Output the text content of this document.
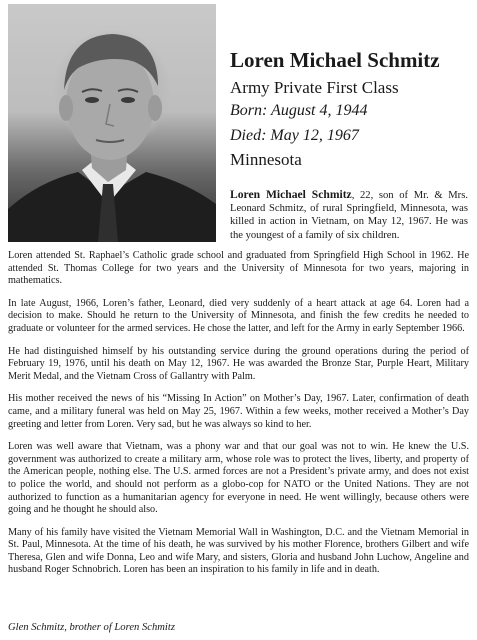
Loren Michael Schmitz
Army Private First Class
Born: August 4, 1944
Died: May 12, 1967
Minnesota

Loren Michael Schmitz, 22, son of Mr. & Mrs. Leonard Schmitz, of rural Springfield, Minnesota, was killed in action in Vietnam, on May 12, 1967. He was the youngest of a family of six children.

Loren attended St. Raphael’s Catholic grade school and graduated from Springfield High School in 1962. He attended St. Thomas College for two years and the University of Minnesota for two years, majoring in mathematics.

In late August, 1966, Loren’s father, Leonard, died very suddenly of a heart attack at age 64. Loren had a decision to make. Should he return to the University of Minnesota, and finish the few credits he needed to graduate or volunteer for the armed services. He chose the latter, and left for the Army in early September 1966.

He had distinguished himself by his outstanding service during the ground operations during the period of February 19, 1976, until his death on May 12, 1967. He was awarded the Bronze Star, Purple Heart, Military Merit Medal, and the Vietnam Cross of Gallantry with Palm.

His mother received the news of his “Missing In Action” on Mother’s Day, 1967. Later, confirmation of death came, and a military funeral was held on May 25, 1967. Within a few weeks, mother received a Mother’s Day greeting and letter from Loren. Very sad, but he was always so kind to her.

Loren was well aware that Vietnam, was a phony war and that our goal was not to win. He knew the U.S. government was authorized to create a military arm, whose role was to protect the lives, liberty, and property of the American people, nothing else. The U.S. armed forces are not a President’s private army, and does not exist to police the world, and should not perform as a globo-cop for NATO or the United Nations. They are not authorized to function as a humanitarian agency for everyone in need. He went willingly, because others were going and he thought he should also.

Many of his family have visited the Vietnam Memorial Wall in Washington, D.C. and the Vietnam Memorial in St. Paul, Minnesota. At the time of his death, he was survived by his mother Florence, brothers Gilbert and wife Theresa, Glen and wife Donna, Leo and wife Mary, and sisters, Gloria and husband John Luchow, Angeline and husband Roger Schnobrich. Loren has been an inspiration to his family in life and in death.

Glen Schmitz, brother of Loren Schmitz
